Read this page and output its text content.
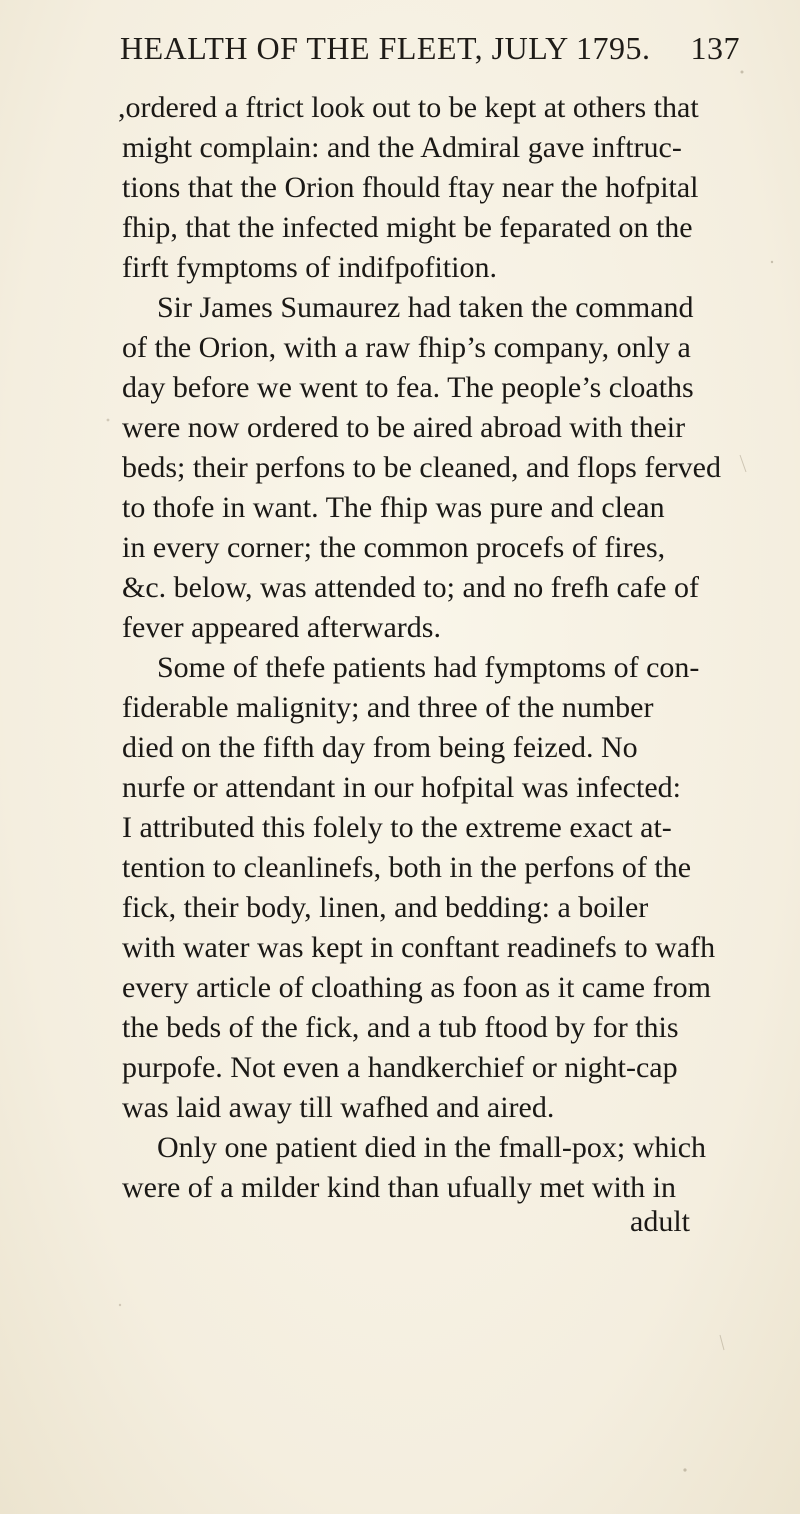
HEALTH OF THE FLEET, JULY 1795. 137
,ordered a ftrict look out to be kept at others that
might complain: and the Admiral gave inftruc-
tions that the Orion fhould ftay near the hofpital
fhip, that the infected might be feparated on the
firft fymptoms of indifpofition.
Sir James Sumaurez had taken the command
of the Orion, with a raw fhip’s company, only a
day before we went to fea. The people’s cloaths
were now ordered to be aired abroad with their
beds; their perfons to be cleaned, and flops ferved
to thofe in want. The fhip was pure and clean
in every corner; the common procefs of fires,
&c. below, was attended to; and no frefh cafe of
fever appeared afterwards.
Some of thefe patients had fymptoms of con-
fiderable malignity; and three of the number
died on the fifth day from being feized. No
nurfe or attendant in our hofpital was infected:
I attributed this folely to the extreme exact at-
tention to cleanlinefs, both in the perfons of the
fick, their body, linen, and bedding: a boiler
with water was kept in conftant readinefs to wafh
every article of cloathing as foon as it came from
the beds of the fick, and a tub ftood by for this
purpofe. Not even a handkerchief or night-cap
was laid away till wafhed and aired.
Only one patient died in the fmall-pox; which
were of a milder kind than ufually met with in
adult
